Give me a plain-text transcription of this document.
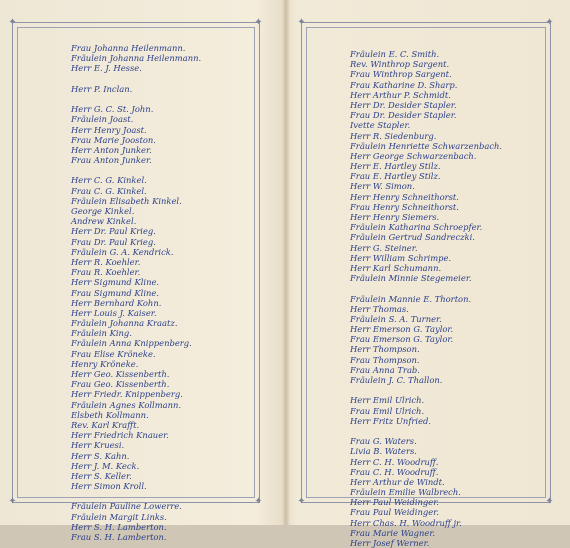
✦	✦
✦	✦
Frau Johanna Heilenmann.
Fräulein Johanna Heilenmann.
Herr E. J. Hesse.
Herr P. Inclan.
Herr G. C. St. John.
Fräulein Joast.
Herr Henry Joast.
Frau Marie Jooston.
Herr Anton Junker.
Frau Anton Junker.
Herr C. G. Kinkel.
Frau C. G. Kinkel.
Fräulein Elisabeth Kinkel.
George Kinkel.
Andrew Kinkel.
Herr Dr. Paul Krieg.
Frau Dr. Paul Krieg.
Fräulein G. A. Kendrick.
Herr R. Koehler.
Frau R. Koehler.
Herr Sigmund Kline.
Frau Sigmund Kline.
Herr Bernhard Kohn.
Herr Louis J. Kaiser.
Fräulein Johanna Kraatz.
Fräulein King.
Fräulein Anna Knippenberg.
Frau Elise Kröneke.
Henry Kröneke.
Herr Geo. Kissenberth.
Frau Geo. Kissenberth.
Herr Friedr. Knippenberg.
Fräulein Agnes Kollmann.
Elsbeth Kollmann.
Rev. Karl Krafft.
Herr Friedrich Knauer.
Herr Kruesi.
Herr S. Kahn.
Herr J. M. Keck.
Herr S. Keller.
Herr Simon Kroll.
Fräulein Pauline Lowerre.
Fräulein Margit Links.
Herr S. H. Lamberton.
Frau S. H. Lamberton.
✦	✦
✦	✦
Fräulein E. C. Smith.
Rev. Winthrop Sargent.
Frau Winthrop Sargent.
Frau Katharine D. Sharp.
Herr Arthur P. Schmidt.
Herr Dr. Desider Stapler.
Frau Dr. Desider Stapler.
Ivette Stapler.
Herr R. Siedenburg.
Fräulein Henriette Schwarzenbach.
Herr George Schwarzenbach.
Herr E. Hartley Stilz.
Frau E. Hartley Stilz.
Herr W. Simon.
Herr Henry Schneithorst.
Frau Henry Schneithorst.
Herr Henry Siemers.
Fräulein Katharina Schroepfer.
Fräulein Gertrud Sandreczki.
Herr G. Steiner.
Herr William Schrimpe.
Herr Karl Schumann.
Fräulein Minnie Stegemeier.
Fräulein Mannie E. Thorton.
Herr Thomas.
Fräulein S. A. Turner.
Herr Emerson G. Taylor.
Frau Emerson G. Taylor.
Herr Thompson.
Frau Thompson.
Frau Anna Trab.
Fräulein J. C. Thallon.
Herr Emil Ulrich.
Frau Emil Ulrich.
Herr Fritz Unfried.
Frau G. Waters.
Livia B. Waters.
Herr C. H. Woodruff.
Frau C. H. Woodruff.
Herr Arthur de Windt.
Fräulein Emilie Walbrech.
Herr Paul Weidinger.
Frau Paul Weidinger.
Herr Chas. H. Woodruff jr.
Frau Marie Wagner.
Herr Josef Werner.
